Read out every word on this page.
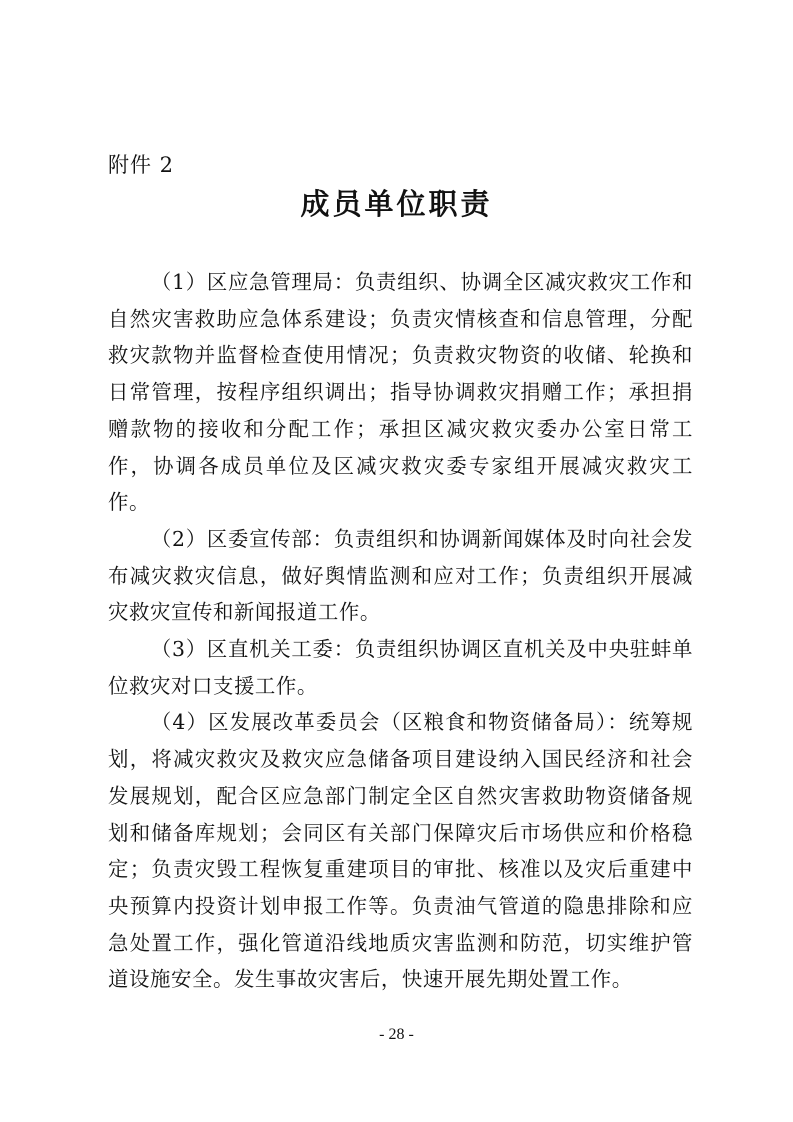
附件 2
成员单位职责

（1）区应急管理局：负责组织、协调全区减灾救灾工作和自然灾害救助应急体系建设；负责灾情核查和信息管理，分配救灾款物并监督检查使用情况；负责救灾物资的收储、轮换和日常管理，按程序组织调出；指导协调救灾捐赠工作；承担捐赠款物的接收和分配工作；承担区减灾救灾委办公室日常工作，协调各成员单位及区减灾救灾委专家组开展减灾救灾工作。

（2）区委宣传部：负责组织和协调新闻媒体及时向社会发布减灾救灾信息，做好舆情监测和应对工作；负责组织开展减灾救灾宣传和新闻报道工作。

（3）区直机关工委：负责组织协调区直机关及中央驻蚌单位救灾对口支援工作。

（4）区发展改革委员会（区粮食和物资储备局）：统筹规划，将减灾救灾及救灾应急储备项目建设纳入国民经济和社会发展规划，配合区应急部门制定全区自然灾害救助物资储备规划和储备库规划；会同区有关部门保障灾后市场供应和价格稳定；负责灾毁工程恢复重建项目的审批、核准以及灾后重建中央预算内投资计划申报工作等。负责油气管道的隐患排除和应急处置工作，强化管道沿线地质灾害监测和防范，切实维护管道设施安全。发生事故灾害后，快速开展先期处置工作。

- 28 -
